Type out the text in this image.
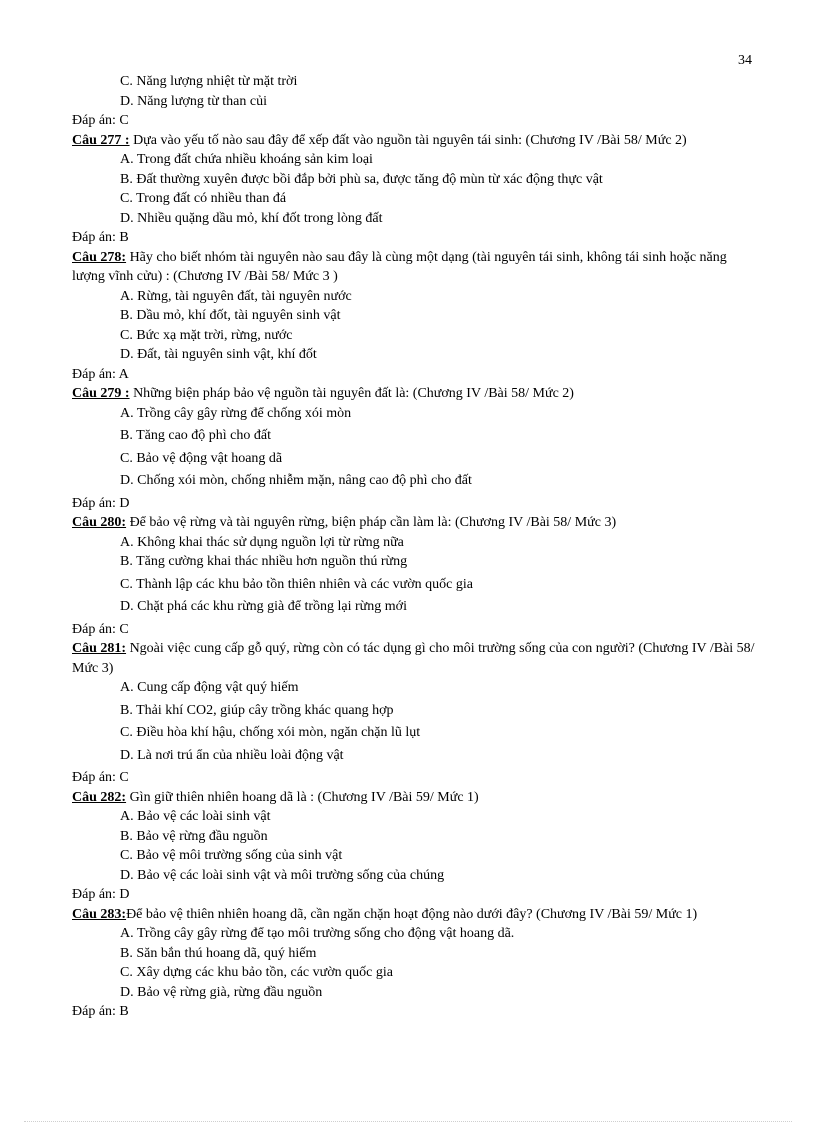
34
C. Năng lượng nhiệt từ mặt trời
D. Năng lượng từ than củi
Đáp án: C
Câu 277 : Dựa vào yếu tố nào sau đây để xếp đất vào nguồn tài nguyên tái sinh: (Chương IV /Bài 58/ Mức 2)
A. Trong đất chứa nhiều khoáng sản kim loại
B. Đất thường xuyên được bồi đắp bởi phù sa, được tăng độ mùn từ xác động thực vật
C. Trong đất có nhiều than đá
D. Nhiều quặng dầu mỏ, khí đốt trong lòng đất
Đáp án: B
Câu 278: Hãy cho biết nhóm tài nguyên nào sau đây là cùng một dạng (tài nguyên tái sinh, không tái sinh hoặc năng lượng vĩnh cửu) : (Chương IV /Bài 58/ Mức 3 )
A. Rừng, tài nguyên đất, tài nguyên nước
B. Dầu mỏ, khí đốt, tài nguyên sinh vật
C. Bức xạ mặt trời, rừng, nước
D. Đất, tài nguyên sinh vật, khí đốt
Đáp án: A
Câu 279 : Những biện pháp bảo vệ nguồn tài nguyên đất là: (Chương IV /Bài 58/ Mức 2)
A. Trồng cây gây rừng để chống xói mòn
B. Tăng cao độ phì cho đất
C. Bảo vệ động vật hoang dã
D. Chống xói mòn, chống nhiễm mặn, nâng cao độ phì cho đất
Đáp án: D
Câu 280: Để bảo vệ rừng và tài nguyên rừng, biện pháp cần làm là: (Chương IV /Bài 58/ Mức 3)
A. Không khai thác sử dụng nguồn lợi từ rừng nữa
B. Tăng cường khai thác nhiều hơn nguồn thú rừng
C. Thành lập các khu bảo tồn thiên nhiên và các vườn quốc gia
D. Chặt phá các khu rừng già để trồng lại rừng mới
Đáp án: C
Câu 281: Ngoài việc cung cấp gỗ quý, rừng còn có tác dụng gì cho môi trường sống của con người? (Chương IV /Bài 58/ Mức 3)
A. Cung cấp động vật quý hiếm
B. Thải khí CO2, giúp cây trồng khác quang hợp
C. Điều hòa khí hậu, chống xói mòn, ngăn chặn lũ lụt
D. Là nơi trú ẩn của nhiều loài động vật
Đáp án: C
Câu 282: Gìn giữ thiên nhiên hoang dã là : (Chương IV /Bài 59/ Mức 1)
A. Bảo vệ các loài sinh vật
B. Bảo vệ rừng đầu nguồn
C. Bảo vệ môi trường sống của sinh vật
D. Bảo vệ các loài sinh vật và môi trường sống của chúng
Đáp án: D
Câu 283:Để bảo vệ thiên nhiên hoang dã, cần ngăn chặn hoạt động nào dưới đây? (Chương IV /Bài 59/ Mức 1)
A. Trồng cây gây rừng để tạo môi trường sống cho động vật hoang dã.
B. Săn bắn thú hoang dã, quý hiếm
C. Xây dựng các khu bảo tồn, các vườn quốc gia
D. Bảo vệ rừng già, rừng đầu nguồn
Đáp án: B
